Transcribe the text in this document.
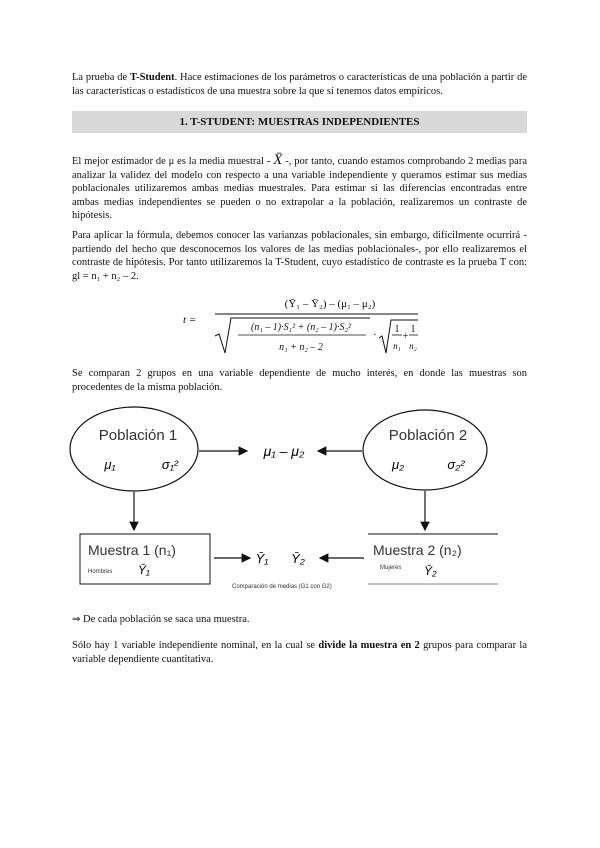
La prueba de T-Student. Hace estimaciones de los parámetros o características de una población a partir de las características o estadísticos de una muestra sobre la que sí tenemos datos empíricos.

1. T-STUDENT: MUESTRAS INDEPENDIENTES

El mejor estimador de μ es la media muestral - X̄ -, por tanto, cuando estamos comprobando 2 medias para analizar la validez del modelo con respecto a una variable independiente y queramos estimar sus medias poblacionales utilizaremos ambas medias muestrales. Para estimar si las diferencias encontradas entre ambas medias independientes se pueden o no extrapolar a la población, realizaremos un contraste de hipótesis.

Para aplicar la fórmula, debemos conocer las varianzas poblacionales, sin embargo, difícilmente ocurrirá -partiendo del hecho que desconocemos los valores de las medias poblacionales-, por ello realizaremos el contraste de hipótesis. Por tanto utilizaremos la T-Student, cuyo estadístico de contraste es la prueba T con: gl = n₁ + n₂ – 2.

t =
(Ȳ₁ – Ȳ₂) – (μ₁ – μ₂)
(n₁ – 1)·S₁² + (n₂ – 1)·S₂²
n₁ + n₂ – 2
· 1
n₁
+
1
n₂

Se comparan 2 grupos en una variable dependiente de mucho interés, en donde las muestras son procedentes de la misma población.

Población 1
μ₁	σ₁²
Población 2
μ₂	σ₂²
μ₁ – μ₂
Muestra 1 (n₁)
Hombres Ȳ₁
Muestra 2 (n₂)
Mujeres Ȳ₂
Ȳ₁ Ȳ₂
Comparación de medias (G1 con G2)

⇒ De cada población se saca una muestra.

Sólo hay 1 variable independiente nominal, en la cual se divide la muestra en 2 grupos para comparar la variable dependiente cuantitativa.
